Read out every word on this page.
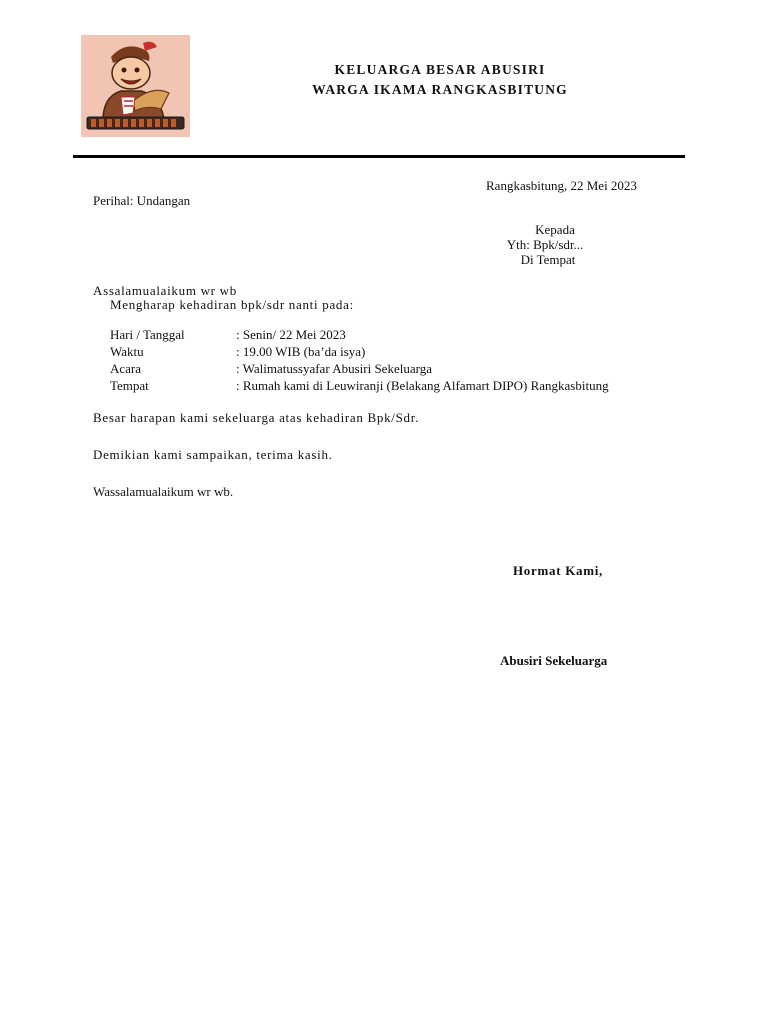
KELUARGA BESAR ABUSIRI
WARGA IKAMA RANGKASBITUNG
Rangkasbitung, 22 Mei 2023
Perihal: Undangan
Kepada
Yth: Bpk/sdr...
Di Tempat
Assalamualaikum wr wb
Mengharap kehadiran bpk/sdr nanti pada:
Hari / Tanggal	: Senin/ 22 Mei 2023
Waktu	: 19.00 WIB (ba’da isya)
Acara	: Walimatussyafar Abusiri Sekeluarga
Tempat	: Rumah kami di Leuwiranji (Belakang Alfamart DIPO) Rangkasbitung
Besar harapan kami sekeluarga atas kehadiran Bpk/Sdr.
Demikian kami sampaikan, terima kasih.
Wassalamualaikum wr wb.
Hormat Kami,
Abusiri Sekeluarga
